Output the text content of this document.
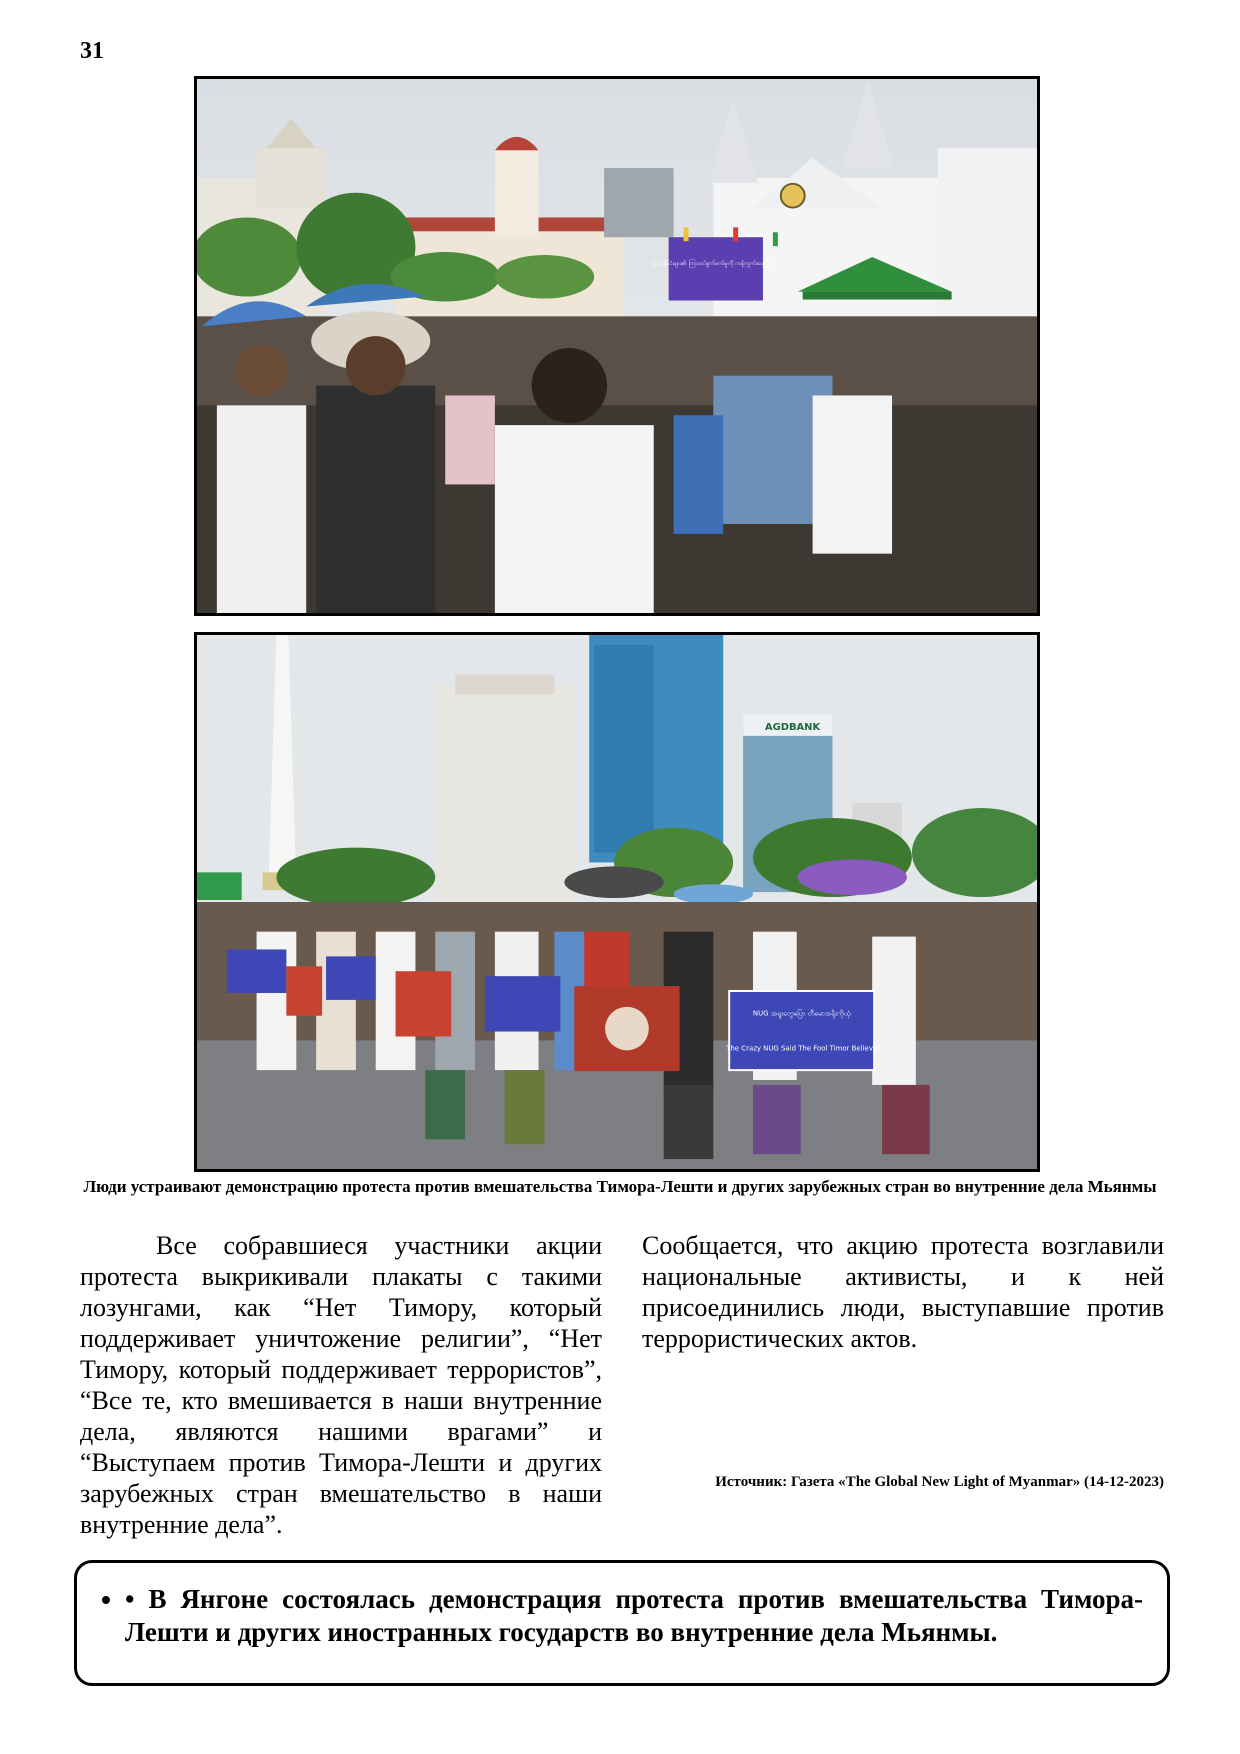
31
ပြင်ပနိုင်ငံများ၏ ကြားဝင်စွက်ဖက်မှုကို ကန့်ကွက်ဆန္ဒပြခြင်း
AGDBANK
NUG အရူးတွေပြော တီမောအရိုးကိုယုံ
The Crazy NUG Said The Fool Timor Believe
Люди устраивают демонстрацию протеста против вмешательства Тимора-Лешти и других зарубежных стран во внутренние дела Мьянмы
Все собравшиеся участники акции протеста выкрикивали плакаты с такими лозунгами, как “Нет Тимору, который поддерживает уничтожение религии”, “Нет Тимору, который поддерживает террористов”, “Все те, кто вмешивается в наши внутренние дела, являются нашими врагами” и “Выступаем против Тимора-Лешти и других зарубежных стран вмешательство в наши внутренние дела”.
Сообщается, что акцию протеста возглавили национальные активисты, и к ней присоединились люди, выступавшие против террористических актов.
Источник: Газета «The Global New Light of Myanmar» (14-12-2023)
• • В Янгоне состоялась демонстрация протеста против вмешательства Тимора-Лешти и других иностранных государств во внутренние дела Мьянмы.
